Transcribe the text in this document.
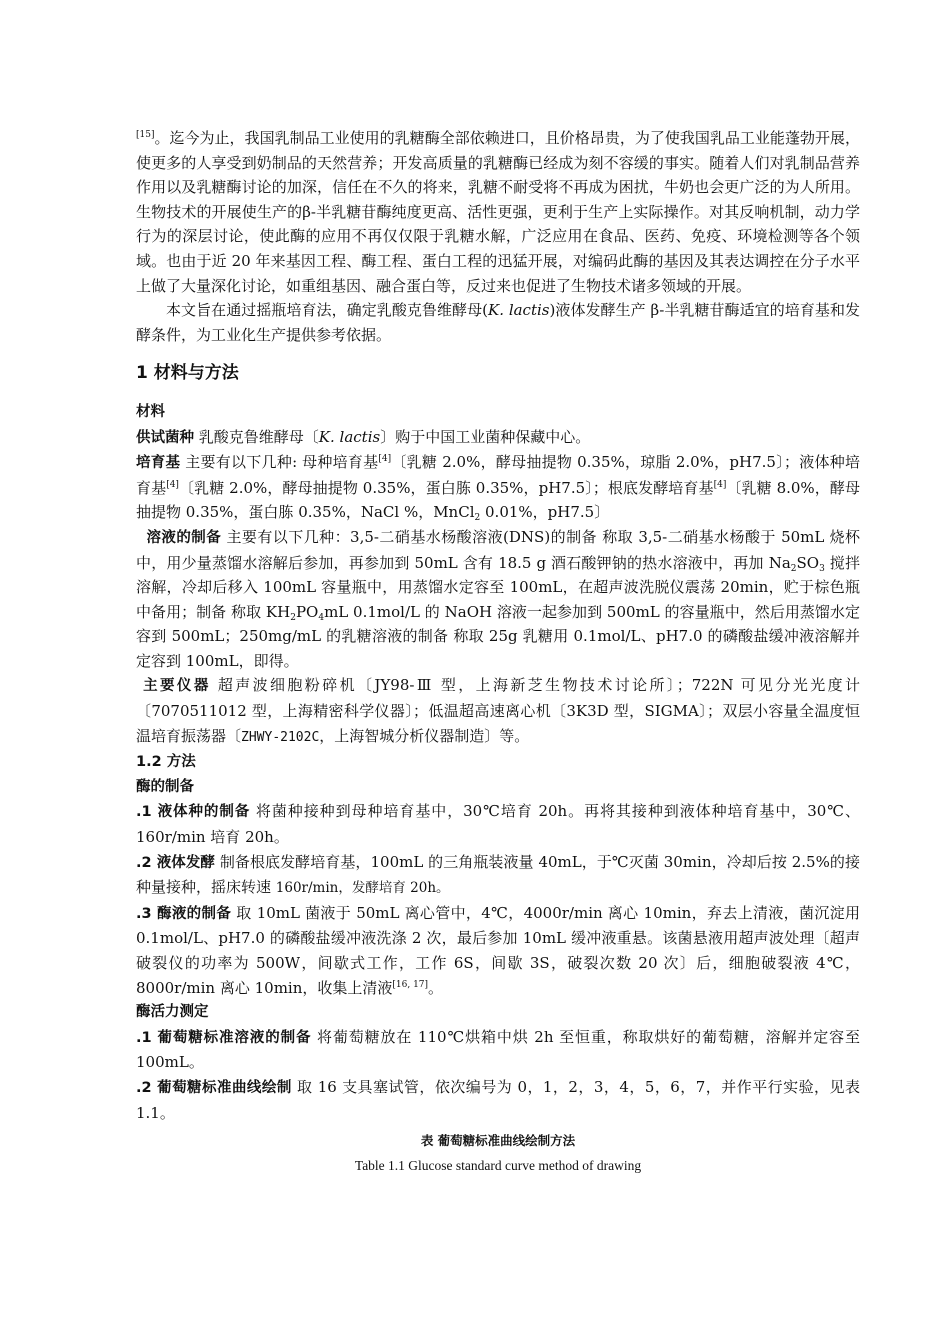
[15]。迄今为止，我国乳制品工业使用的乳糖酶全部依赖进口，且价格昂贵，为了使我国乳品工业能蓬勃开展，使更多的人享受到奶制品的天然营养；开发高质量的乳糖酶已经成为刻不容缓的事实。随着人们对乳制品营养作用以及乳糖酶讨论的加深，信任在不久的将来，乳糖不耐受将不再成为困扰，牛奶也会更广泛的为人所用。生物技术的开展使生产的β-半乳糖苷酶纯度更高、活性更强，更利于生产上实际操作。对其反响机制，动力学行为的深层讨论，使此酶的应用不再仅仅限于乳糖水解，广泛应用在食品、医药、免疫、环境检测等各个领域。也由于近 20 年来基因工程、酶工程、蛋白工程的迅猛开展，对编码此酶的基因及其表达调控在分子水平上做了大量深化讨论，如重组基因、融合蛋白等，反过来也促进了生物技术诸多领域的开展。

本文旨在通过摇瓶培育法，确定乳酸克鲁维酵母(K. lactis)液体发酵生产 β-半乳糖苷酶适宜的培育基和发酵条件，为工业化生产提供参考依据。

1 材料与方法

材料

供试菌种 乳酸克鲁维酵母〔K. lactis〕购于中国工业菌种保藏中心。

培育基 主要有以下几种: 母种培育基[4]〔乳糖 2.0%，酵母抽提物 0.35%，琼脂 2.0%，pH7.5〕；液体种培育基[4]〔乳糖 2.0%，酵母抽提物 0.35%，蛋白胨 0.35%，pH7.5〕；根底发酵培育基[4]〔乳糖 8.0%，酵母抽提物 0.35%，蛋白胨 0.35%，NaCl %，MnCl$_2$ 0.01%，pH7.5〕

溶液的制备 主要有以下几种：3,5-二硝基水杨酸溶液(DNS)的制备 称取 3,5-二硝基水杨酸于 50mL 烧杯中，用少量蒸馏水溶解后参加，再参加到 50mL 含有 18.5 g 酒石酸钾钠的热水溶液中，再加 $Na_2SO_3$ 搅拌溶解，冷却后移入 100mL 容量瓶中，用蒸馏水定容至 100mL，在超声波洗脱仪震荡 20min，贮于棕色瓶中备用；制备 称取 $KH_2PO_4mL$ 0.1mol/L 的 NaOH 溶液一起参加到 500mL 的容量瓶中，然后用蒸馏水定容到 500mL；250mg/mL 的乳糖溶液的制备 称取 25g 乳糖用 0.1mol/L、pH7.0 的磷酸盐缓冲液溶解并定容到 100mL，即得。

主要仪器 超声波细胞粉碎机〔JY98-Ⅲ 型，上海新芝生物技术讨论所〕；722N 可见分光光度计〔7070511012 型，上海精密科学仪器〕；低温超高速离心机〔3K3D 型，SIGMA〕；双层小容量全温度恒温培育振荡器〔ZHWY-2102C，上海智城分析仪器制造〕等。

1.2 方法

酶的制备

.1 液体种的制备 将菌种接种到母种培育基中，30℃培育 20h。再将其接种到液体种培育基中，30℃、160r/min 培育 20h。

.2 液体发酵 制备根底发酵培育基，100mL 的三角瓶装液量 40mL，于℃灭菌 30min，冷却后按 2.5%的接种量接种，摇床转速 160r/min，发酵培育 20h。

.3 酶液的制备 取 10mL 菌液于 50mL 离心管中，4℃，4000r/min 离心 10min，弃去上清液，菌沉淀用 0.1mol/L、pH7.0 的磷酸盐缓冲液洗涤 2 次，最后参加 10mL 缓冲液重悬。该菌悬液用超声波处理〔超声破裂仪的功率为 500W，间歇式工作，工作 6S，间歇 3S，破裂次数 20 次〕后，细胞破裂液 4℃，8000r/min 离心 10min，收集上清液[16, 17]。

酶活力测定

.1 葡萄糖标准溶液的制备 将葡萄糖放在 110℃烘箱中烘 2h 至恒重，称取烘好的葡萄糖，溶解并定容至 100mL。

.2 葡萄糖标准曲线绘制 取 16 支具塞试管，依次编号为 0，1，2，3，4，5，6，7，并作平行实验，见表 1.1。

表 葡萄糖标准曲线绘制方法

Table 1.1 Glucose standard curve method of drawing
